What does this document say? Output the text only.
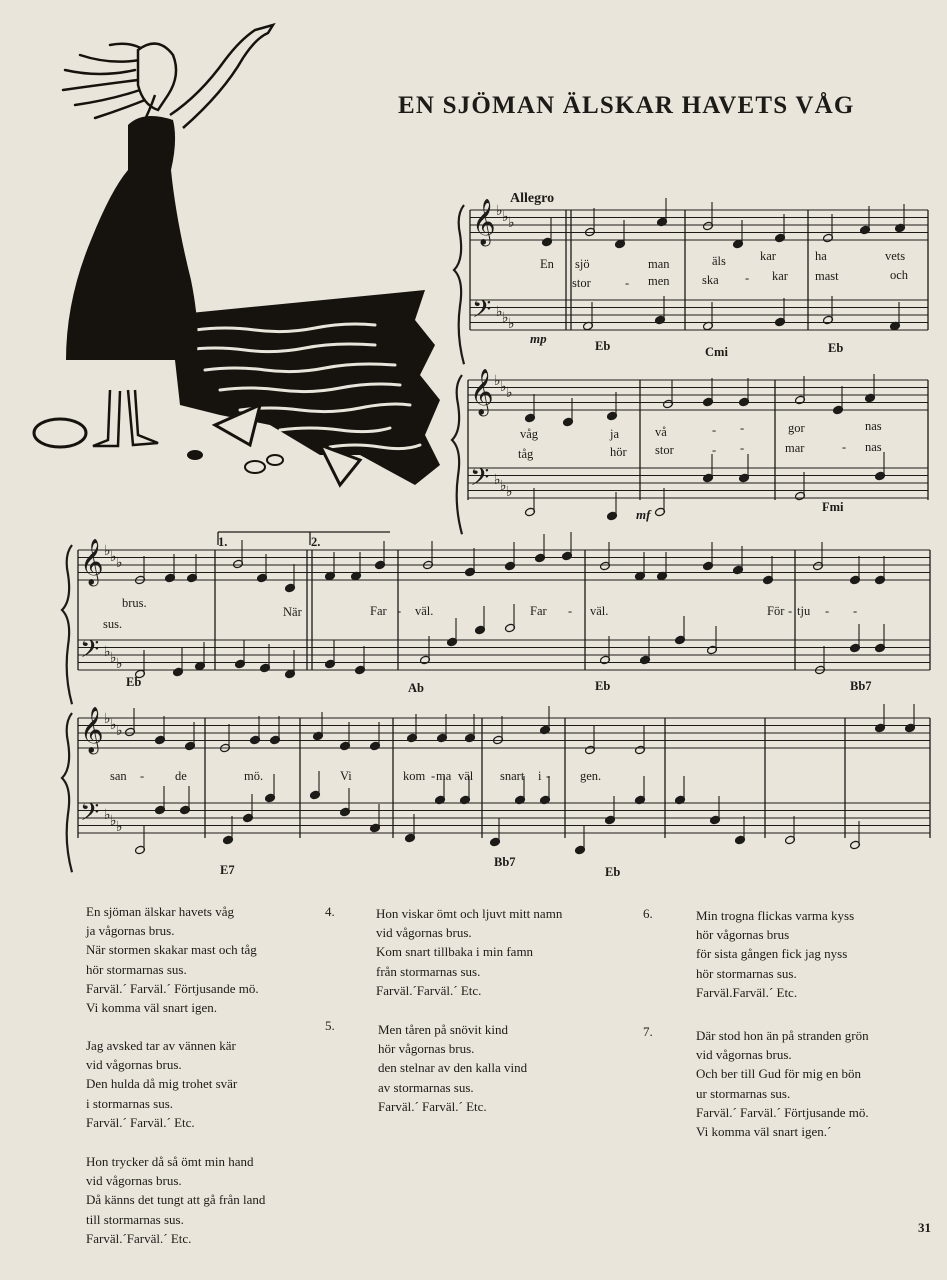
EN SJÖMAN ÄLSKAR HAVETS VÅG
𝄞
𝄢
♭
♭
♭
♭
♭
♭
𝄞
𝄢
♭
♭
♭
♭
♭
♭
𝄞
𝄢
♭
♭
♭
♭
♭
♭
𝄞
𝄢
♭
♭
♭
♭
♭
♭
Allegro
mp
mf
En sjö	man	äls	kar	ha	vets
stor	- men	ska - kar mast	och
Eb	Cmi	Eb
våg	ja	vå	- -	gor	nas
tåg	hör stor	- -	mar	- nas
Fmi
1.	2.
brus.
När	Far - väl.	Far - väl.	För - tju - -
sus.
Eb	Ab	Eb	Bb7
san - de	mö.	Vi	kom - ma väl snart i - gen.
E7
Bb7
Eb
En sjöman älskar havets våg
ja vågornas brus.
När stormen skakar mast och tåg
hör stormarnas sus.
Farväl.´ Farväl.´ Förtjusande mö.
Vi komma väl snart igen.
Jag avsked tar av vännen kär
vid vågornas brus.
Den hulda då mig trohet svär
i stormarnas sus.
Farväl.´ Farväl.´ Etc.
Hon trycker då så ömt min hand
vid vågornas brus.
Då känns det tungt att gå från land
till stormarnas sus.
Farväl.´Farväl.´ Etc.
4.	Hon viskar ömt och ljuvt mitt namn
vid vågornas brus.
Kom snart tillbaka i min famn
från stormarnas sus.
Farväl.´Farväl.´ Etc.
5.	Men tåren på snövit kind
hör vågornas brus.
den stelnar av den kalla vind
av stormarnas sus.
Farväl.´ Farväl.´ Etc.
6.	Min trogna flickas varma kyss
hör vågornas brus
för sista gången fick jag nyss
hör stormarnas sus.
Farväl.Farväl.´ Etc.
7.	Där stod hon än på stranden grön
vid vågornas brus.
Och ber till Gud för mig en bön
ur stormarnas sus.
Farväl.´ Farväl.´ Förtjusande mö.
Vi komma väl snart igen.´
31
